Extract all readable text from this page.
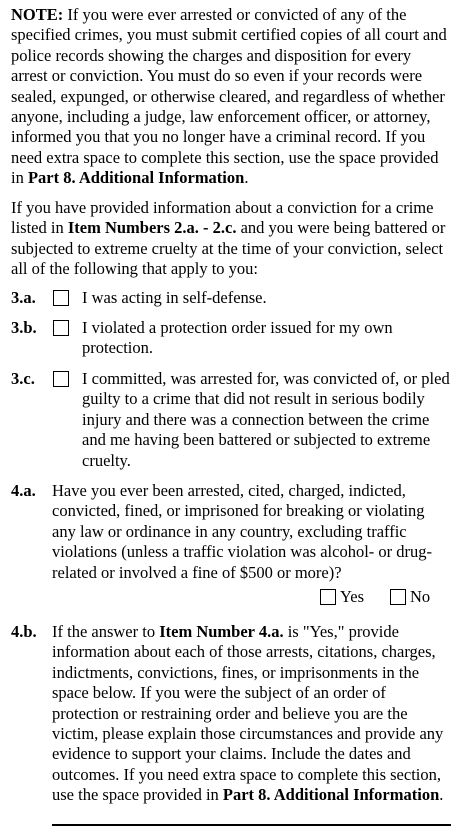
NOTE: If you were ever arrested or convicted of any of the specified crimes, you must submit certified copies of all court and police records showing the charges and disposition for every arrest or conviction. You must do so even if your records were sealed, expunged, or otherwise cleared, and regardless of whether anyone, including a judge, law enforcement officer, or attorney, informed you that you no longer have a criminal record. If you need extra space to complete this section, use the space provided in Part 8. Additional Information.

If you have provided information about a conviction for a crime listed in Item Numbers 2.a. - 2.c. and you were being battered or subjected to extreme cruelty at the time of your conviction, select all of the following that apply to you:

3.a.	I was acting in self-defense.
3.b.	I violated a protection order issued for my own protection.
3.c.	I committed, was arrested for, was convicted of, or pled guilty to a crime that did not result in serious bodily injury and there was a connection between the crime and me having been battered or subjected to extreme cruelty.
4.a. Have you ever been arrested, cited, charged, indicted, convicted, fined, or imprisoned for breaking or violating any law or ordinance in any country, excluding traffic violations (unless a traffic violation was alcohol- or drug-related or involved a fine of $500 or more)?
Yes	No
4.b. If the answer to Item Number 4.a. is "Yes," provide information about each of those arrests, citations, charges, indictments, convictions, fines, or imprisonments in the space below. If you were the subject of an order of protection or restraining order and believe you are the victim, please explain those circumstances and provide any evidence to support your claims. Include the dates and outcomes. If you need extra space to complete this section, use the space provided in Part 8. Additional Information.
